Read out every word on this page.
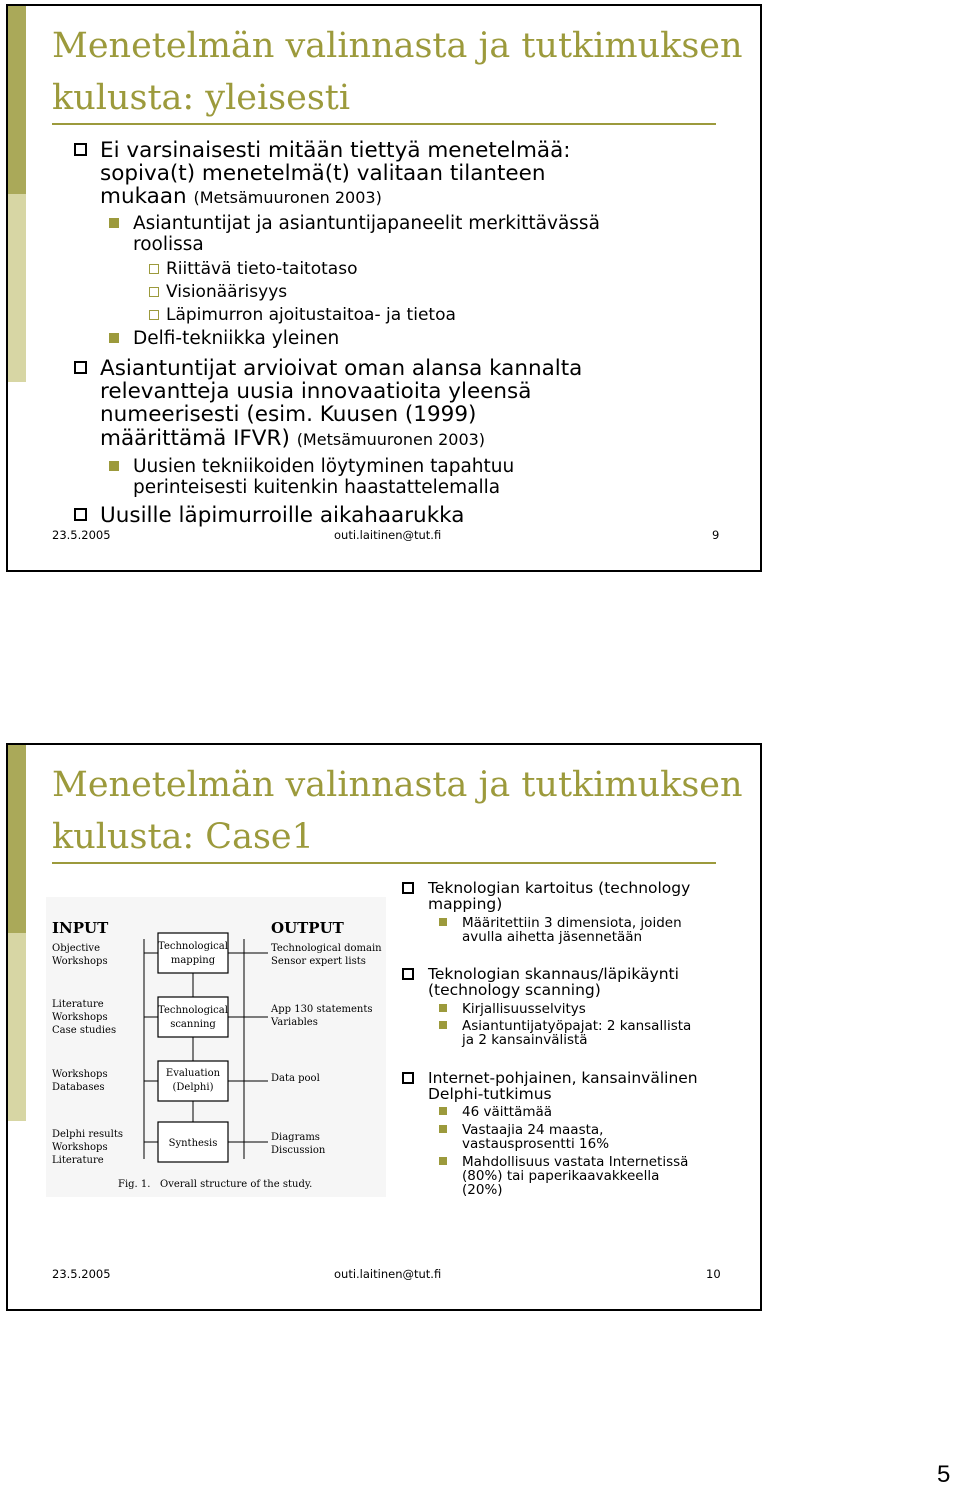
Menetelmän valinnasta ja tutkimuksen
kulusta: yleisesti
Ei varsinaisesti mitään tiettyä menetelmää:
sopiva(t) menetelmä(t) valitaan tilanteen
mukaan (Metsämuuronen 2003)
Asiantuntijat ja asiantuntijapaneelit merkittävässä
roolissa
Riittävä tieto-taitotaso
Visionäärisyys
Läpimurron ajoitustaitoa- ja tietoa
Delfi-tekniikka yleinen
Asiantuntijat arvioivat oman alansa kannalta
relevantteja uusia innovaatioita yleensä
numeerisesti (esim. Kuusen (1999)
määrittämä IFVR) (Metsämuuronen 2003)
Uusien tekniikoiden löytyminen tapahtuu
perinteisesti kuitenkin haastattelemalla
Uusille läpimurroille aikahaarukka
23.5.2005	outi.laitinen@tut.fi	9
Menetelmän valinnasta ja tutkimuksen
kulusta: Case1
Teknologian kartoitus (technology
mapping)
Määritettiin 3 dimensiota, joiden
avulla aihetta jäsennetään
Teknologian skannaus/läpikäynti
(technology scanning)
Kirjallisuusselvitys
Asiantuntijatyöpajat: 2 kansallista
ja 2 kansainvälistä
Internet-pohjainen, kansainvälinen
Delphi-tutkimus
46 väittämää
Vastaajia 24 maasta,
vastausprosentti 16%
Mahdollisuus vastata Internetissä
(80%) tai paperikaavakkeella
(20%)
23.5.2005	outi.laitinen@tut.fi	10
INPUT	OUTPUT
Objective
Workshops
Literature
Workshops
Case studies
Workshops
Databases
Delphi results
Workshops
Literature
Technological
mapping
Technological
scanning
Evaluation
(Delphi)
Synthesis
Technological domain
Sensor expert lists
App 130 statements
Variables
Data pool
Diagrams
Discussion
Fig. 1. Overall structure of the study.
5
